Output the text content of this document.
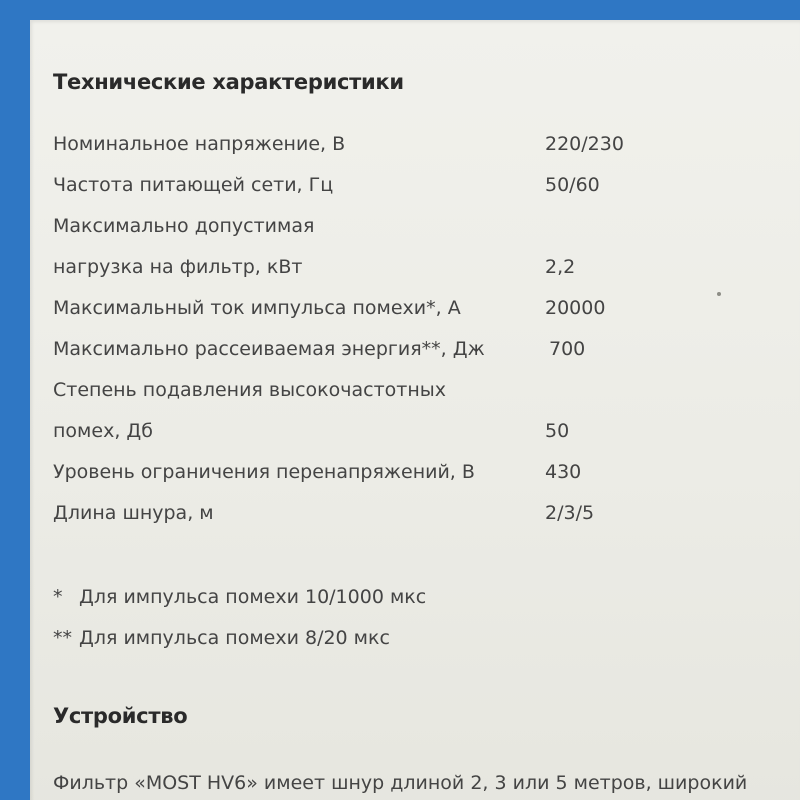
Технические характеристики
Номинальное напряжение, В	220/230
Частота питающей сети, Гц	50/60
Максимально допустимая
нагрузка на фильтр, кВт	2,2
Максимальный ток импульса помехи*, А	20000
Максимально рассеиваемая энергия**, Дж	700
Степень подавления высокочастотных
помех, Дб	50
Уровень ограничения перенапряжений, В	430
Длина шнура, м	2/3/5
* Для импульса помехи 10/1000 мкс
** Для импульса помехи 8/20 мкс
Устройство
Фильтр «MOST HV6» имеет шнур длиной 2, 3 или 5 метров, широкий
